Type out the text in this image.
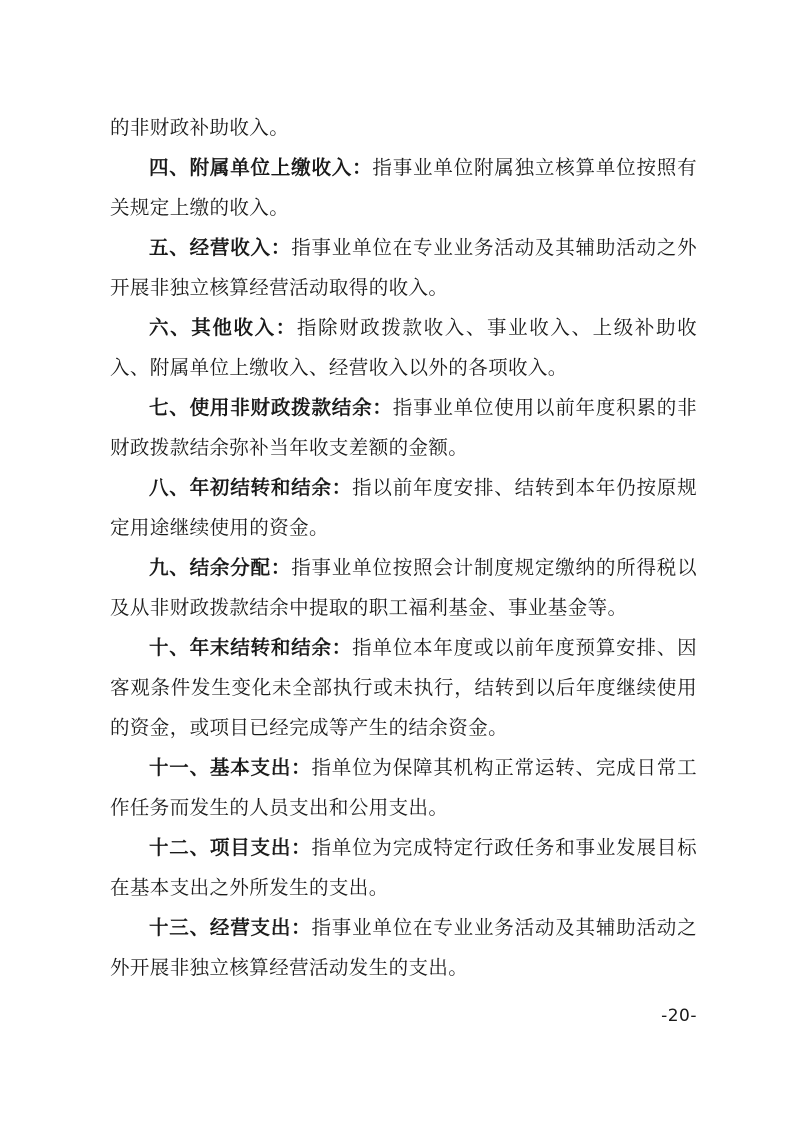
的非财政补助收入。

四、附属单位上缴收入：指事业单位附属独立核算单位按照有关规定上缴的收入。

五、经营收入：指事业单位在专业业务活动及其辅助活动之外开展非独立核算经营活动取得的收入。

六、其他收入：指除财政拨款收入、事业收入、上级补助收入、附属单位上缴收入、经营收入以外的各项收入。

七、使用非财政拨款结余：指事业单位使用以前年度积累的非财政拨款结余弥补当年收支差额的金额。

八、年初结转和结余：指以前年度安排、结转到本年仍按原规定用途继续使用的资金。

九、结余分配：指事业单位按照会计制度规定缴纳的所得税以及从非财政拨款结余中提取的职工福利基金、事业基金等。

十、年末结转和结余：指单位本年度或以前年度预算安排、因客观条件发生变化未全部执行或未执行，结转到以后年度继续使用的资金，或项目已经完成等产生的结余资金。

十一、基本支出：指单位为保障其机构正常运转、完成日常工作任务而发生的人员支出和公用支出。

十二、项目支出：指单位为完成特定行政任务和事业发展目标在基本支出之外所发生的支出。

十三、经营支出：指事业单位在专业业务活动及其辅助活动之外开展非独立核算经营活动发生的支出。

-20-
